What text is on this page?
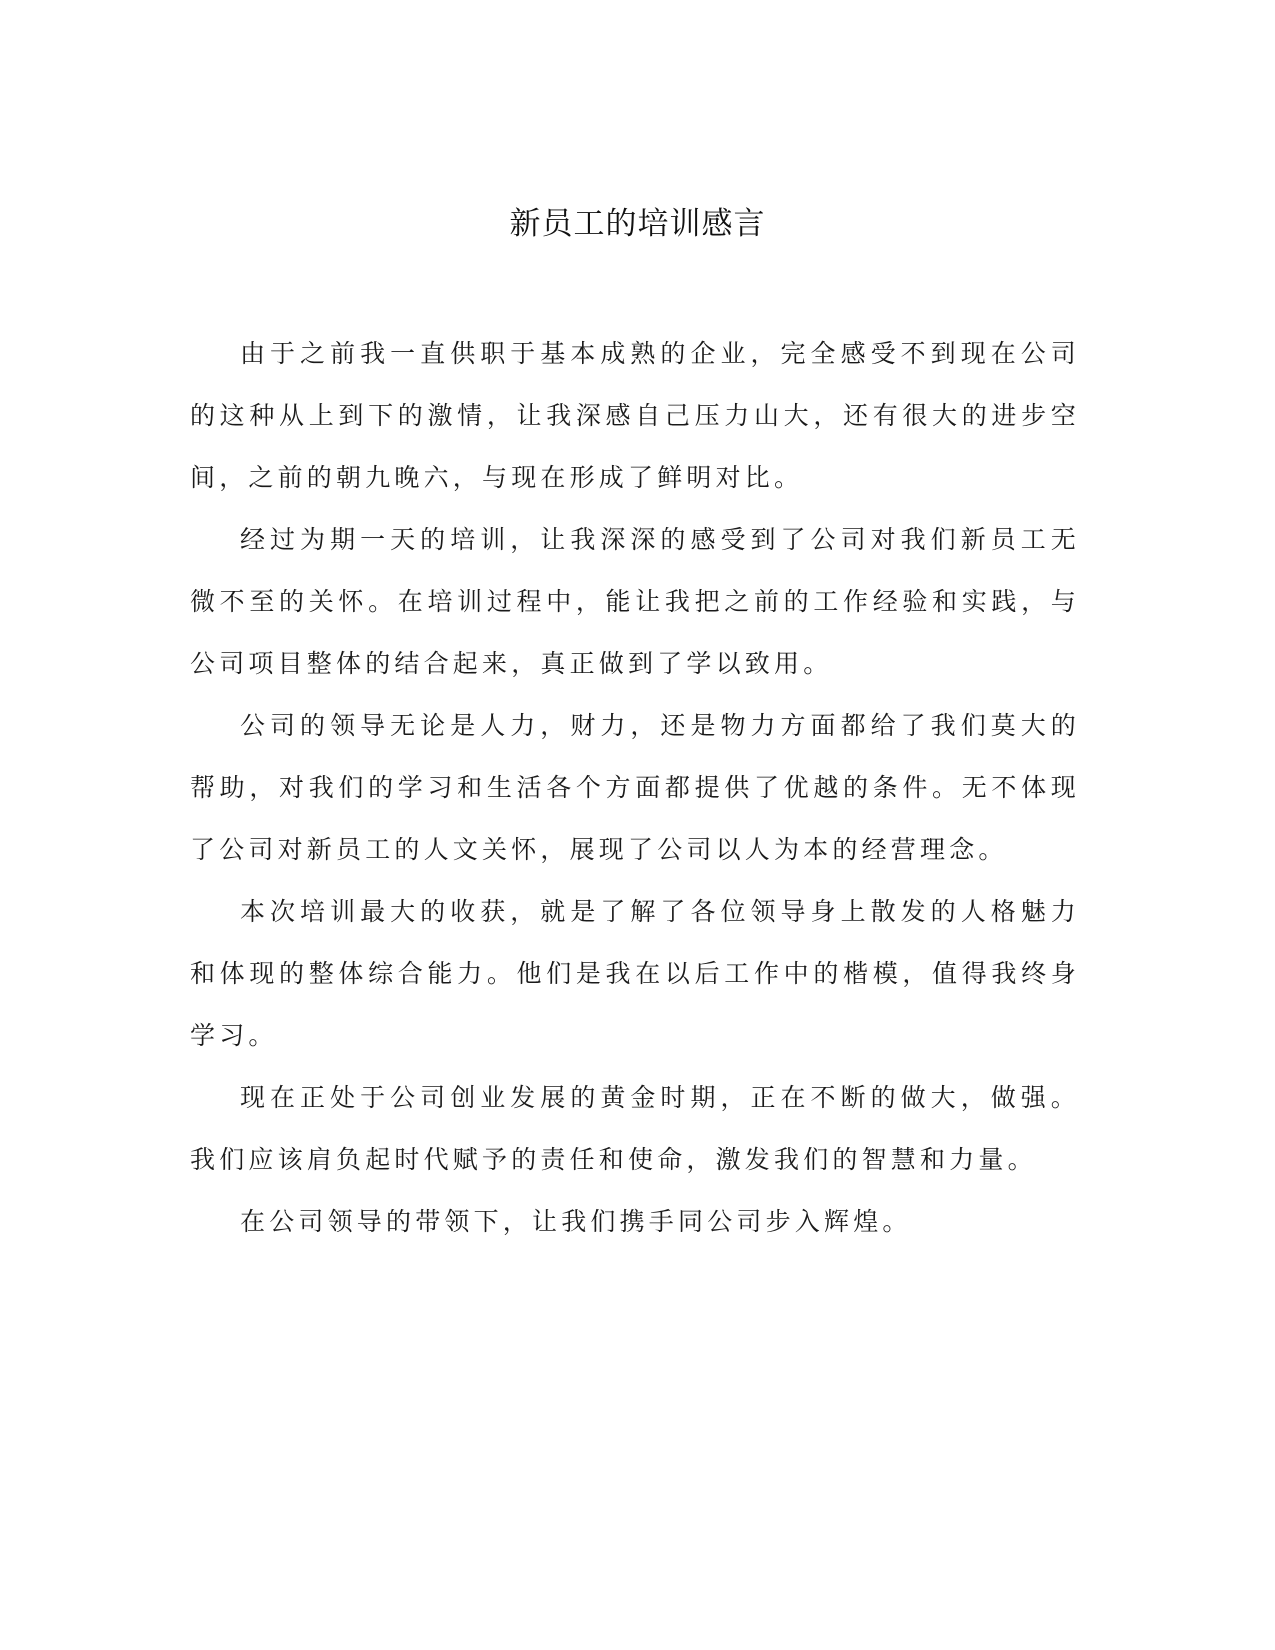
新员工的培训感言

由于之前我一直供职于基本成熟的企业，完全感受不到现在公司的这种从上到下的激情，让我深感自己压力山大，还有很大的进步空间，之前的朝九晚六，与现在形成了鲜明对比。

经过为期一天的培训，让我深深的感受到了公司对我们新员工无微不至的关怀。在培训过程中，能让我把之前的工作经验和实践，与公司项目整体的结合起来，真正做到了学以致用。

公司的领导无论是人力，财力，还是物力方面都给了我们莫大的帮助，对我们的学习和生活各个方面都提供了优越的条件。无不体现了公司对新员工的人文关怀，展现了公司以人为本的经营理念。

本次培训最大的收获，就是了解了各位领导身上散发的人格魅力和体现的整体综合能力。他们是我在以后工作中的楷模，值得我终身学习。

现在正处于公司创业发展的黄金时期，正在不断的做大，做强。我们应该肩负起时代赋予的责任和使命，激发我们的智慧和力量。

在公司领导的带领下，让我们携手同公司步入辉煌。
